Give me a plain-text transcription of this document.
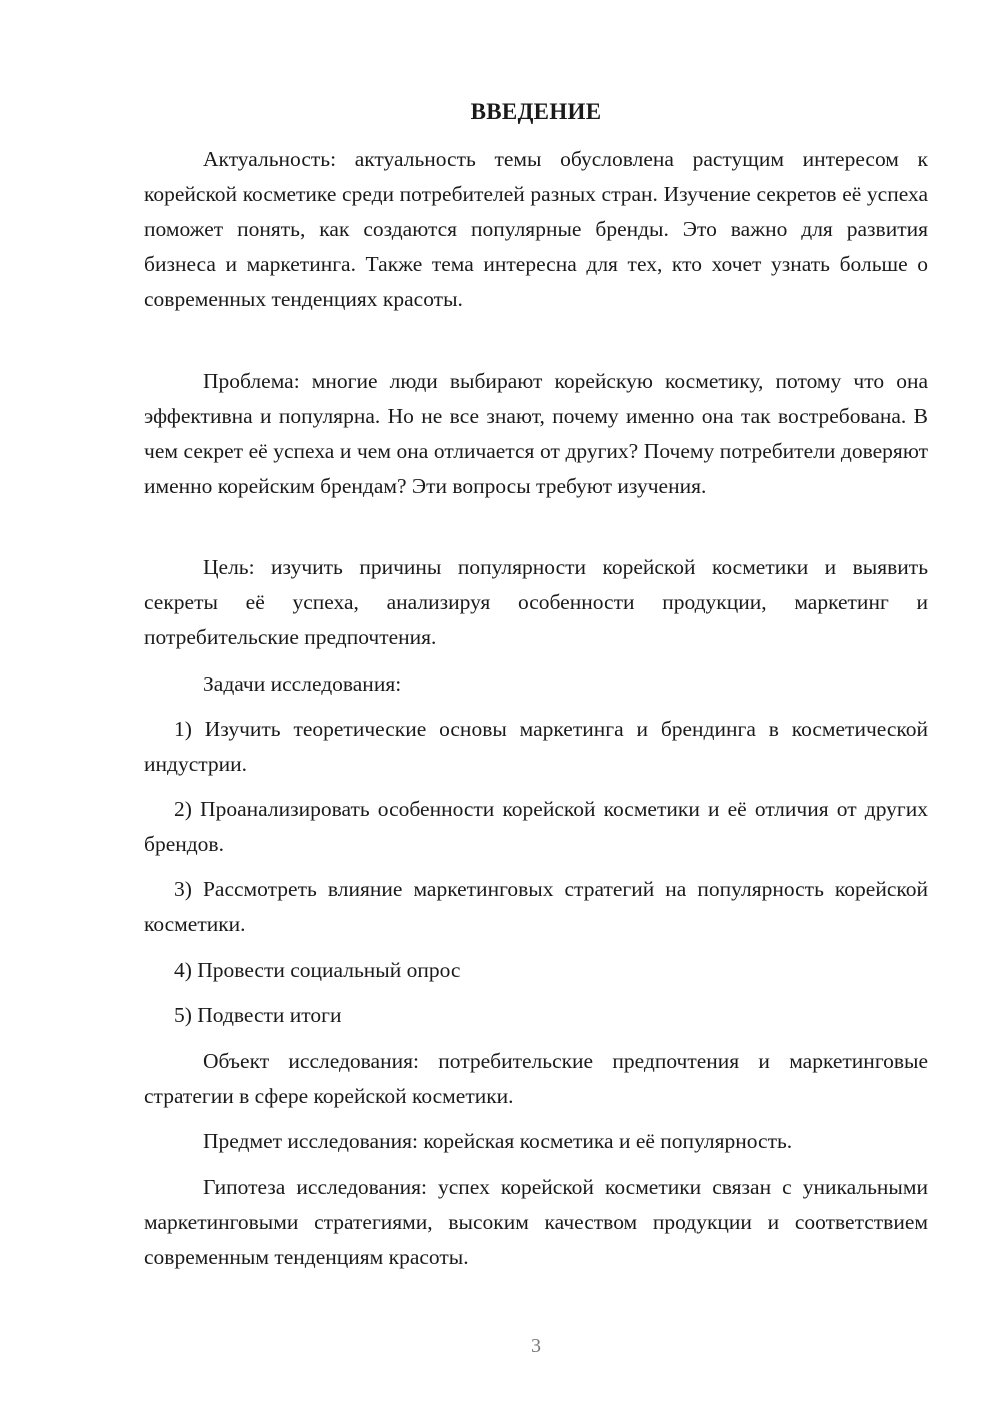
ВВЕДЕНИЕ

Актуальность: актуальность темы обусловлена растущим интересом к корейской косметике среди потребителей разных стран. Изучение секретов её успеха поможет понять, как создаются популярные бренды. Это важно для развития бизнеса и маркетинга. Также тема интересна для тех, кто хочет узнать больше о современных тенденциях красоты.

Проблема: многие люди выбирают корейскую косметику, потому что она эффективна и популярна. Но не все знают, почему именно она так востребована. В чем секрет её успеха и чем она отличается от других? Почему потребители доверяют именно корейским брендам? Эти вопросы требуют изучения.

Цель: изучить причины популярности корейской косметики и выявить секреты её успеха, анализируя особенности продукции, маркетинг и потребительские предпочтения.

Задачи исследования:

1) Изучить теоретические основы маркетинга и брендинга в косметической индустрии.

2) Проанализировать особенности корейской косметики и её отличия от других брендов.

3) Рассмотреть влияние маркетинговых стратегий на популярность корейской косметики.

4) Провести социальный опрос

5) Подвести итоги

Объект исследования: потребительские предпочтения и маркетинговые стратегии в сфере корейской косметики.

Предмет исследования: корейская косметика и её популярность.

Гипотеза исследования: успех корейской косметики связан с уникальными маркетинговыми стратегиями, высоким качеством продукции и соответствием современным тенденциям красоты.

3
